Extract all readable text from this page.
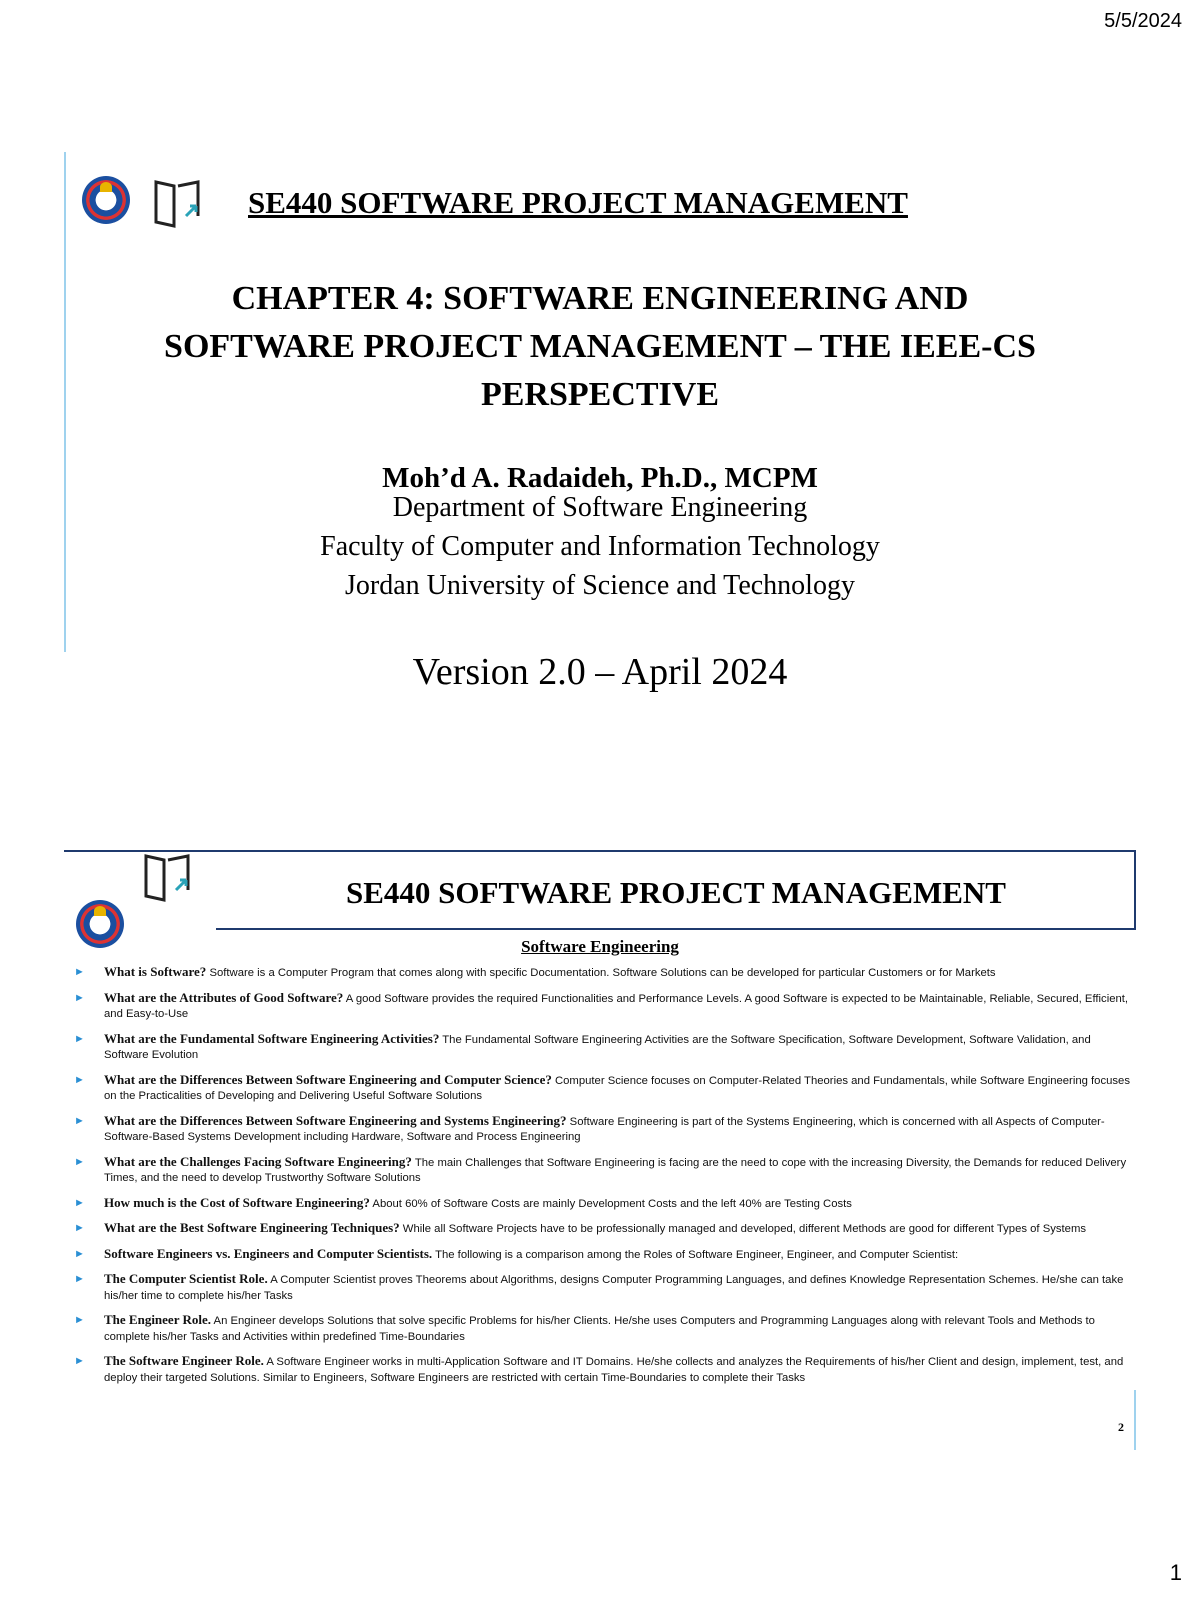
5/5/2024
SE440 SOFTWARE PROJECT MANAGEMENT
CHAPTER 4: SOFTWARE ENGINEERING AND
SOFTWARE PROJECT MANAGEMENT – THE IEEE-CS
PERSPECTIVE
Moh’d A. Radaideh, Ph.D., MCPM
Department of Software Engineering
Faculty of Computer and Information Technology
Jordan University of Science and Technology
Version 2.0 – April 2024
SE440 SOFTWARE PROJECT MANAGEMENT
Software Engineering
► What is Software? Software is a Computer Program that comes along with specific Documentation. Software Solutions can be developed for particular Customers or for Markets
► What are the Attributes of Good Software? A good Software provides the required Functionalities and Performance Levels. A good Software is expected to be Maintainable, Reliable, Secured, Efficient, and Easy-to-Use
► What are the Fundamental Software Engineering Activities? The Fundamental Software Engineering Activities are the Software Specification, Software Development, Software Validation, and Software Evolution
► What are the Differences Between Software Engineering and Computer Science? Computer Science focuses on Computer-Related Theories and Fundamentals, while Software Engineering focuses on the Practicalities of Developing and Delivering Useful Software Solutions
► What are the Differences Between Software Engineering and Systems Engineering? Software Engineering is part of the Systems Engineering, which is concerned with all Aspects of Computer-Software-Based Systems Development including Hardware, Software and Process Engineering
► What are the Challenges Facing Software Engineering? The main Challenges that Software Engineering is facing are the need to cope with the increasing Diversity, the Demands for reduced Delivery Times, and the need to develop Trustworthy Software Solutions
► How much is the Cost of Software Engineering? About 60% of Software Costs are mainly Development Costs and the left 40% are Testing Costs
► What are the Best Software Engineering Techniques? While all Software Projects have to be professionally managed and developed, different Methods are good for different Types of Systems
► Software Engineers vs. Engineers and Computer Scientists. The following is a comparison among the Roles of Software Engineer, Engineer, and Computer Scientist:
► The Computer Scientist Role. A Computer Scientist proves Theorems about Algorithms, designs Computer Programming Languages, and defines Knowledge Representation Schemes. He/she can take his/her time to complete his/her Tasks
► The Engineer Role. An Engineer develops Solutions that solve specific Problems for his/her Clients. He/she uses Computers and Programming Languages along with relevant Tools and Methods to complete his/her Tasks and Activities within predefined Time-Boundaries
► The Software Engineer Role. A Software Engineer works in multi-Application Software and IT Domains. He/she collects and analyzes the Requirements of his/her Client and design, implement, test, and deploy their targeted Solutions. Similar to Engineers, Software Engineers are restricted with certain Time-Boundaries to complete their Tasks
2
1
